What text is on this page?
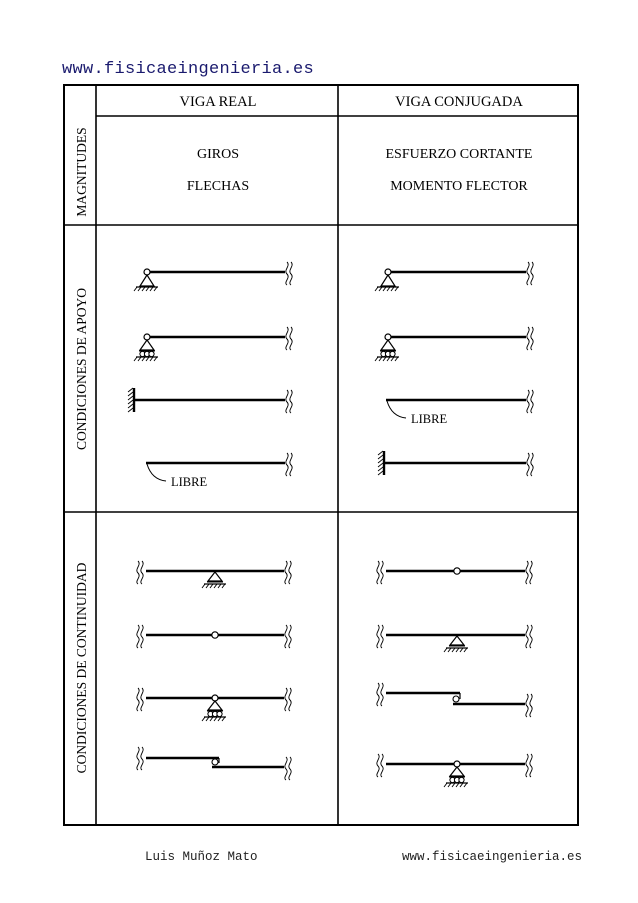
www.fisicaeingenieria.es
VIGA REAL	VIGA CONJUGADA
MAGNITUDES
CONDICIONES DE APOYO
CONDICIONES DE CONTINUIDAD
GIROS
FLECHAS
ESFUERZO CORTANTE
MOMENTO FLECTOR
LIBRE
LIBRE
Luis Muñoz Mato	www.fisicaeingenieria.es
